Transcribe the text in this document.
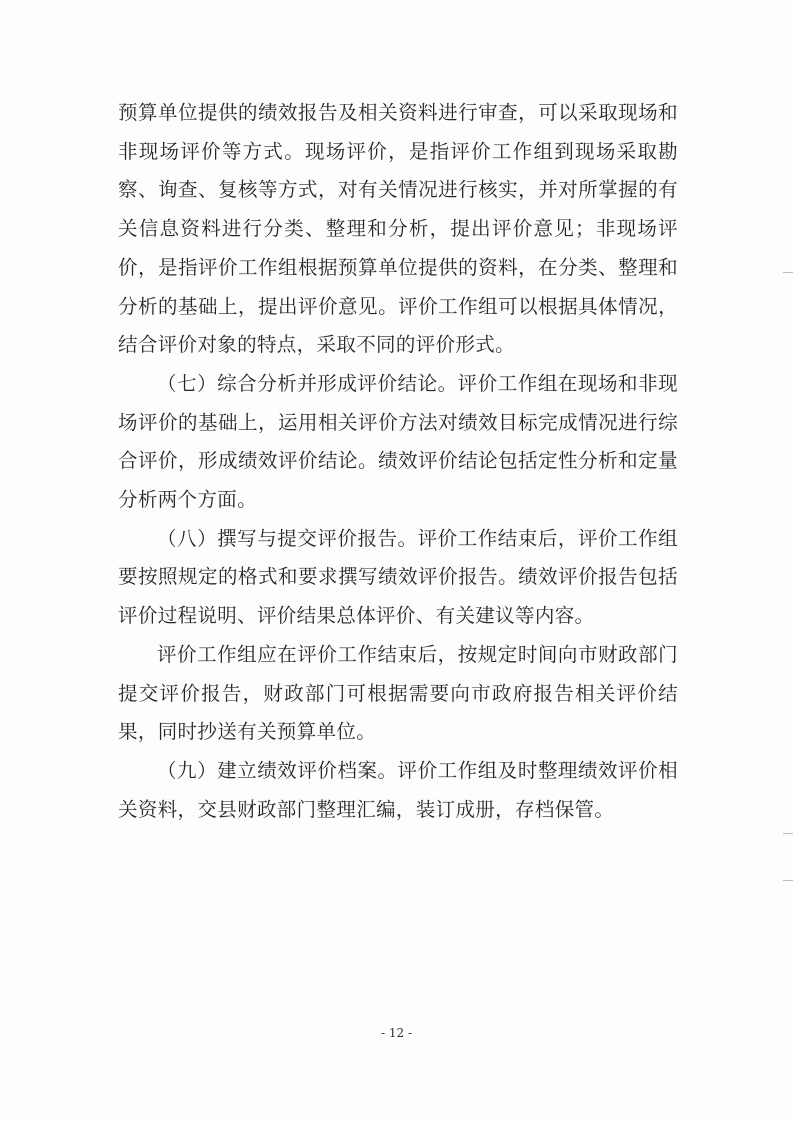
预算单位提供的绩效报告及相关资料进行审查，可以采取现场和非现场评价等方式。现场评价，是指评价工作组到现场采取勘察、询查、复核等方式，对有关情况进行核实，并对所掌握的有关信息资料进行分类、整理和分析，提出评价意见；非现场评价，是指评价工作组根据预算单位提供的资料，在分类、整理和分析的基础上，提出评价意见。评价工作组可以根据具体情况，结合评价对象的特点，采取不同的评价形式。

（七）综合分析并形成评价结论。评价工作组在现场和非现场评价的基础上，运用相关评价方法对绩效目标完成情况进行综合评价，形成绩效评价结论。绩效评价结论包括定性分析和定量分析两个方面。

（八）撰写与提交评价报告。评价工作结束后，评价工作组要按照规定的格式和要求撰写绩效评价报告。绩效评价报告包括评价过程说明、评价结果总体评价、有关建议等内容。

评价工作组应在评价工作结束后，按规定时间向市财政部门提交评价报告，财政部门可根据需要向市政府报告相关评价结果，同时抄送有关预算单位。

（九）建立绩效评价档案。评价工作组及时整理绩效评价相关资料，交县财政部门整理汇编，装订成册，存档保管。

- 12 -
